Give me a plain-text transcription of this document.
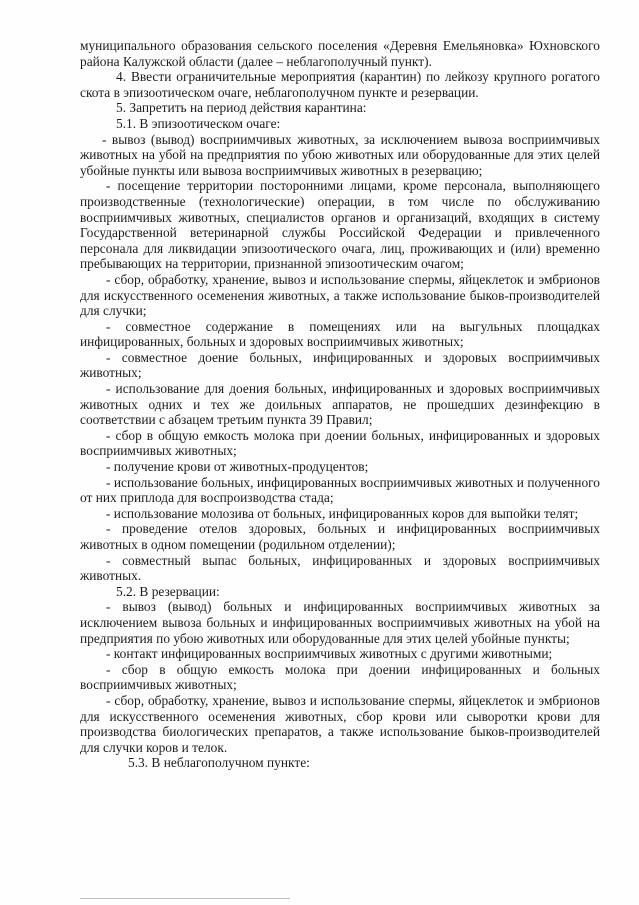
муниципального образования сельского поселения «Деревня Емельяновка» Юхновского района Калужской области (далее – неблагополучный пункт).

4. Ввести ограничительные мероприятия (карантин) по лейкозу крупного рогатого скота в эпизоотическом очаге, неблагополучном пункте и резервации.

5. Запретить на период действия карантина:

5.1. В эпизоотическом очаге:

- вывоз (вывод) восприимчивых животных, за исключением вывоза восприимчивых животных на убой на предприятия по убою животных или оборудованные для этих целей убойные пункты или вывоза восприимчивых животных в резервацию;

- посещение территории посторонними лицами, кроме персонала, выполняющего производственные (технологические) операции, в том числе по обслуживанию восприимчивых животных, специалистов органов и организаций, входящих в систему Государственной ветеринарной службы Российской Федерации и привлеченного персонала для ликвидации эпизоотического очага, лиц, проживающих и (или) временно пребывающих на территории, признанной эпизоотическим очагом;

- сбор, обработку, хранение, вывоз и использование спермы, яйцеклеток и эмбрионов для искусственного осеменения животных, а также использование быков-производителей для случки;

- совместное содержание в помещениях или на выгульных площадках инфицированных, больных и здоровых восприимчивых животных;

- совместное доение больных, инфицированных и здоровых восприимчивых животных;

- использование для доения больных, инфицированных и здоровых восприимчивых животных одних и тех же доильных аппаратов, не прошедших дезинфекцию в соответствии с абзацем третьим пункта 39 Правил;

- сбор в общую емкость молока при доении больных, инфицированных и здоровых восприимчивых животных;

- получение крови от животных-продуцентов;

- использование больных, инфицированных восприимчивых животных и полученного от них приплода для воспроизводства стада;

- использование молозива от больных, инфицированных коров для выпойки телят;

- проведение отелов здоровых, больных и инфицированных восприимчивых животных в одном помещении (родильном отделении);

- совместный выпас больных, инфицированных и здоровых восприимчивых животных.

5.2. В резервации:

- вывоз (вывод) больных и инфицированных восприимчивых животных за исключением вывоза больных и инфицированных восприимчивых животных на убой на предприятия по убою животных или оборудованные для этих целей убойные пункты;

- контакт инфицированных восприимчивых животных с другими животными;

- сбор в общую емкость молока при доении инфицированных и больных восприимчивых животных;

- сбор, обработку, хранение, вывоз и использование спермы, яйцеклеток и эмбрионов для искусственного осеменения животных, сбор крови или сыворотки крови для производства биологических препаратов, а также использование быков-производителей для случки коров и телок.

5.3. В неблагополучном пункте:
